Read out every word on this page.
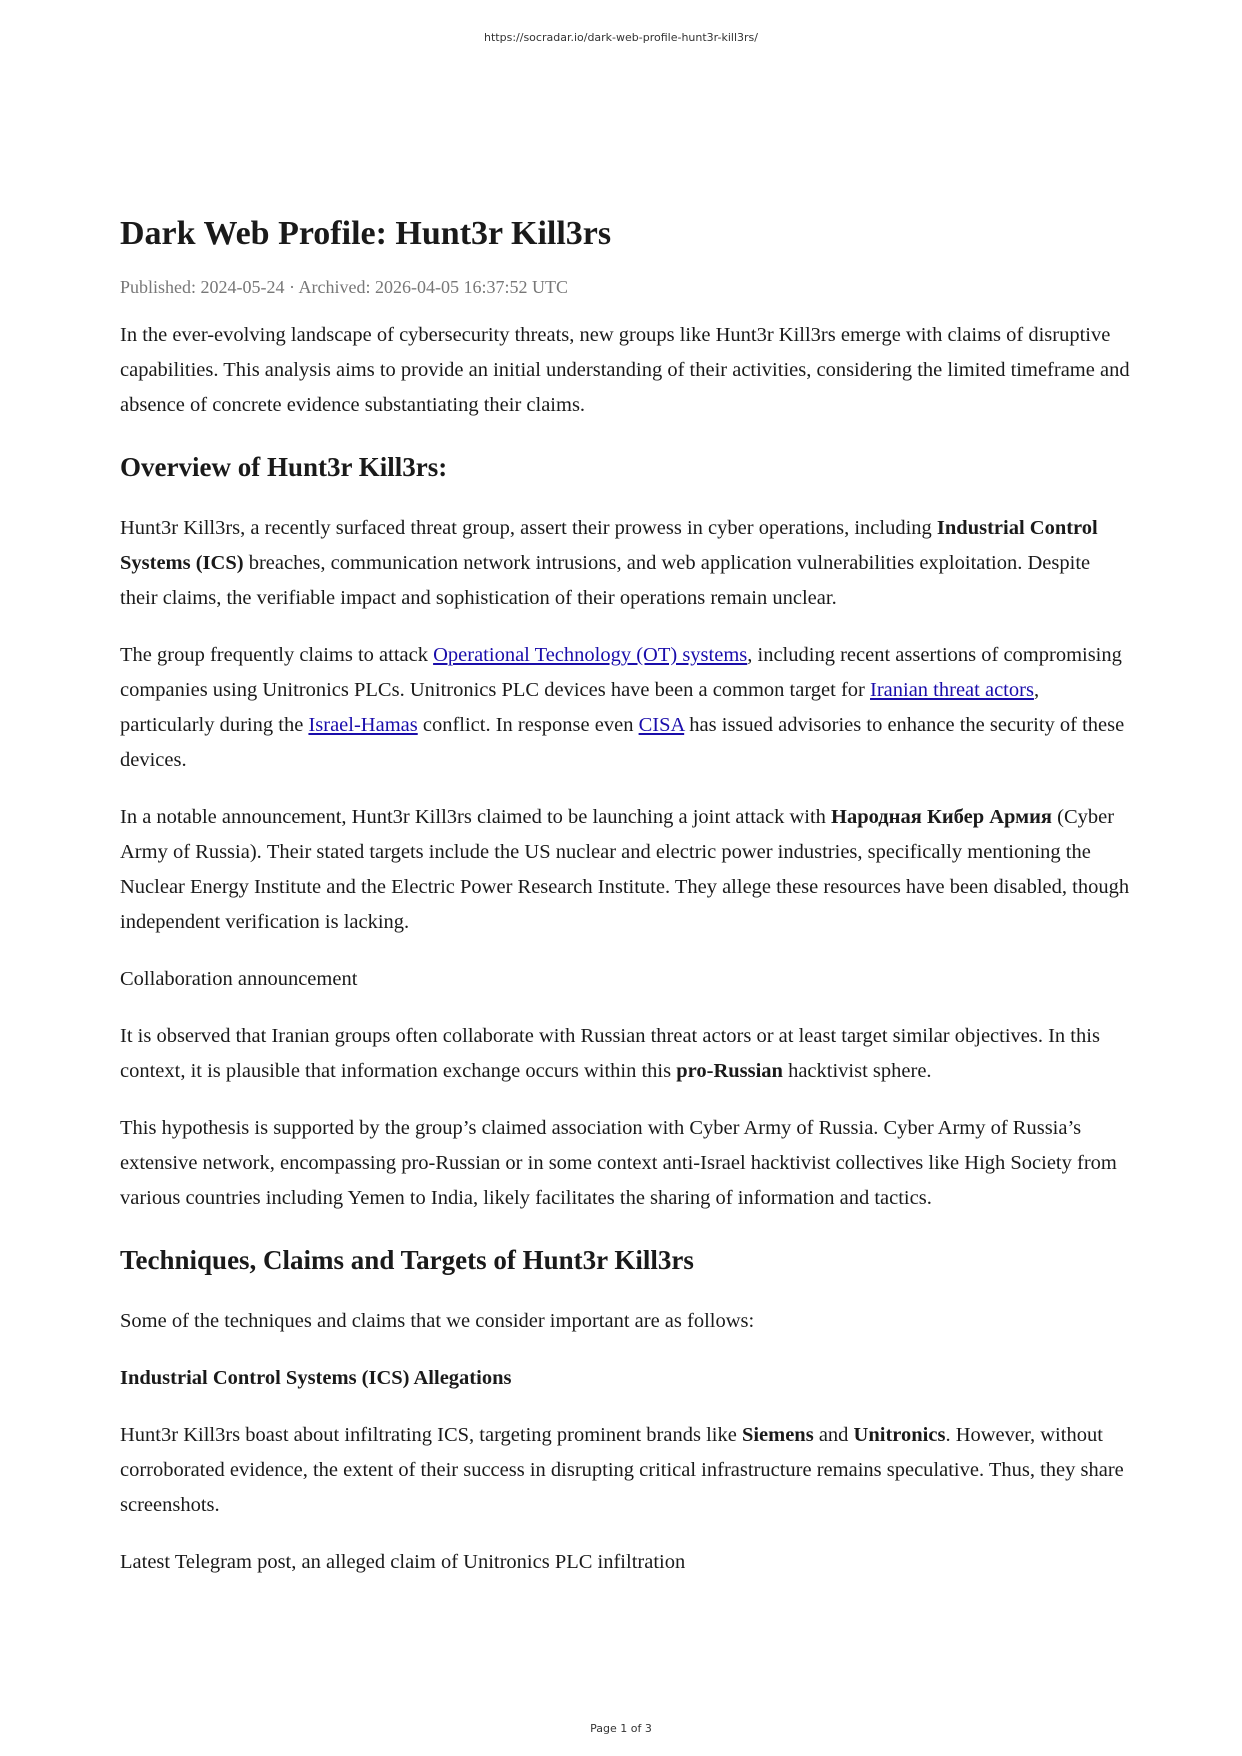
https://socradar.io/dark-web-profile-hunt3r-kill3rs/
Dark Web Profile: Hunt3r Kill3rs
Published: 2024-05-24 · Archived: 2026-04-05 16:37:52 UTC

In the ever-evolving landscape of cybersecurity threats, new groups like Hunt3r Kill3rs emerge with claims of disruptive capabilities. This analysis aims to provide an initial understanding of their activities, considering the limited timeframe and absence of concrete evidence substantiating their claims.

Overview of Hunt3r Kill3rs:

Hunt3r Kill3rs, a recently surfaced threat group, assert their prowess in cyber operations, including Industrial Control Systems (ICS) breaches, communication network intrusions, and web application vulnerabilities exploitation. Despite their claims, the verifiable impact and sophistication of their operations remain unclear.

The group frequently claims to attack Operational Technology (OT) systems, including recent assertions of compromising companies using Unitronics PLCs. Unitronics PLC devices have been a common target for Iranian threat actors, particularly during the Israel-Hamas conflict. In response even CISA has issued advisories to enhance the security of these devices.

In a notable announcement, Hunt3r Kill3rs claimed to be launching a joint attack with Народная Кибер Армия (Cyber Army of Russia). Their stated targets include the US nuclear and electric power industries, specifically mentioning the Nuclear Energy Institute and the Electric Power Research Institute. They allege these resources have been disabled, though independent verification is lacking.

Collaboration announcement

It is observed that Iranian groups often collaborate with Russian threat actors or at least target similar objectives. In this context, it is plausible that information exchange occurs within this pro-Russian hacktivist sphere.

This hypothesis is supported by the group’s claimed association with Cyber Army of Russia. Cyber Army of Russia’s extensive network, encompassing pro-Russian or in some context anti-Israel hacktivist collectives like High Society from various countries including Yemen to India, likely facilitates the sharing of information and tactics.

Techniques, Claims and Targets of Hunt3r Kill3rs

Some of the techniques and claims that we consider important are as follows:

Industrial Control Systems (ICS) Allegations

Hunt3r Kill3rs boast about infiltrating ICS, targeting prominent brands like Siemens and Unitronics. However, without corroborated evidence, the extent of their success in disrupting critical infrastructure remains speculative. Thus, they share screenshots.

Latest Telegram post, an alleged claim of Unitronics PLC infiltration

Page 1 of 3
